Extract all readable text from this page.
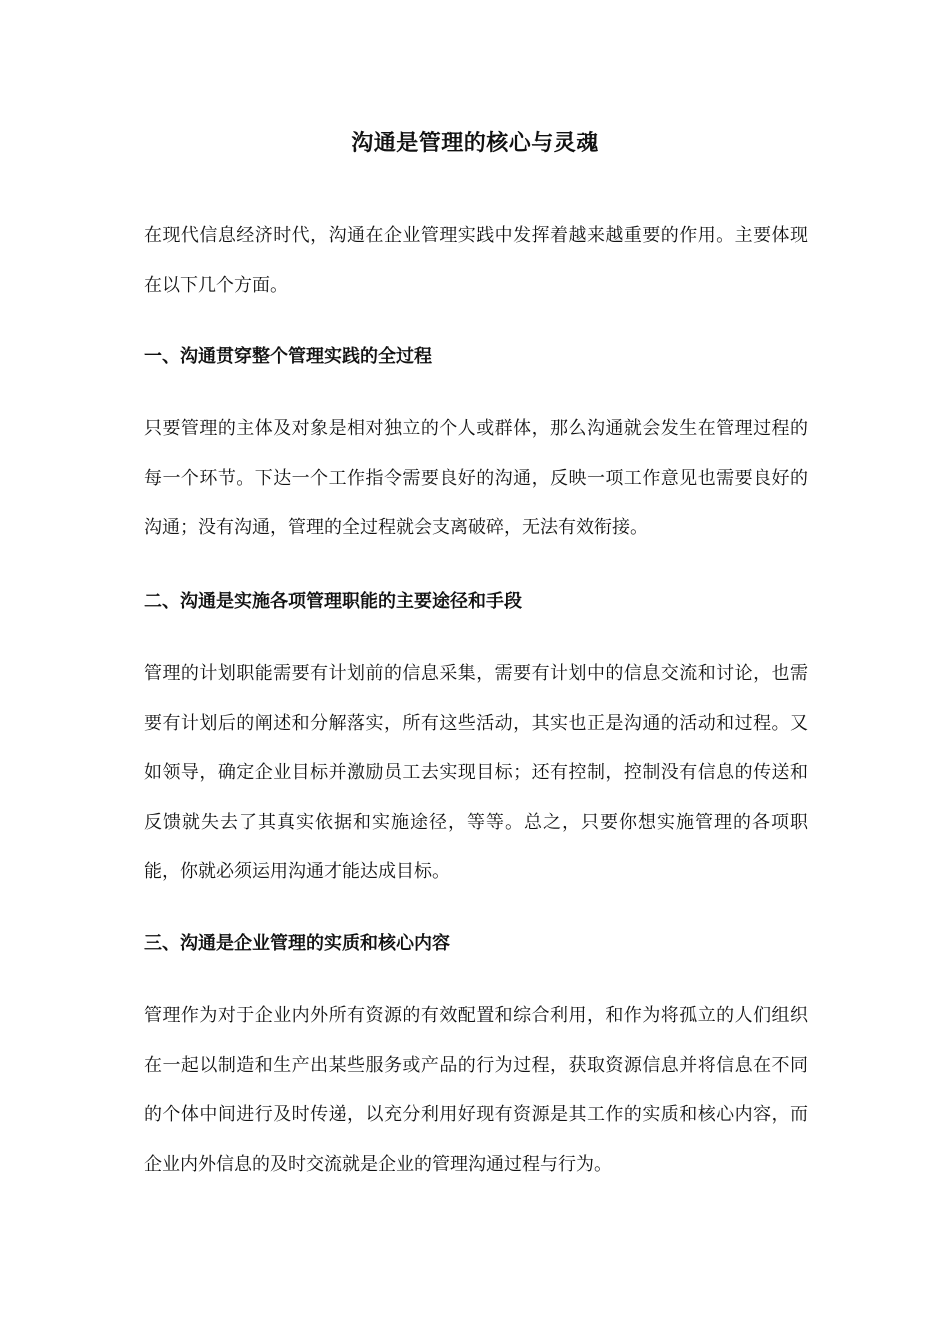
沟通是管理的核心与灵魂

在现代信息经济时代，沟通在企业管理实践中发挥着越来越重要的作用。主要体现在以下几个方面。

一、沟通贯穿整个管理实践的全过程

只要管理的主体及对象是相对独立的个人或群体，那么沟通就会发生在管理过程的每一个环节。下达一个工作指令需要良好的沟通，反映一项工作意见也需要良好的沟通；没有沟通，管理的全过程就会支离破碎，无法有效衔接。

二、沟通是实施各项管理职能的主要途径和手段

管理的计划职能需要有计划前的信息采集，需要有计划中的信息交流和讨论，也需要有计划后的阐述和分解落实，所有这些活动，其实也正是沟通的活动和过程。又如领导，确定企业目标并激励员工去实现目标；还有控制，控制没有信息的传送和反馈就失去了其真实依据和实施途径，等等。总之，只要你想实施管理的各项职能，你就必须运用沟通才能达成目标。

三、沟通是企业管理的实质和核心内容

管理作为对于企业内外所有资源的有效配置和综合利用，和作为将孤立的人们组织在一起以制造和生产出某些服务或产品的行为过程，获取资源信息并将信息在不同的个体中间进行及时传递，以充分利用好现有资源是其工作的实质和核心内容，而企业内外信息的及时交流就是企业的管理沟通过程与行为。
